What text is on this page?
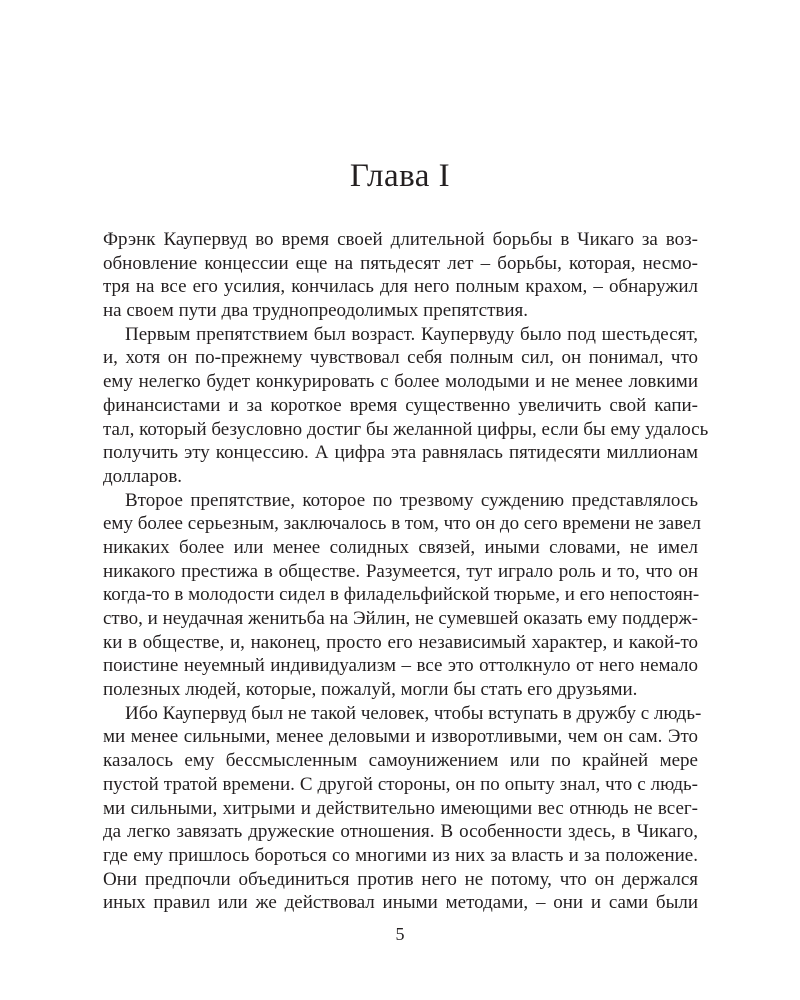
Глава I
Фрэнк Каупервуд во время своей длительной борьбы в Чикаго за воз-
обновление концессии еще на пятьдесят лет – борьбы, которая, несмо-
тря на все его усилия, кончилась для него полным крахом, – обнаружил
на своем пути два труднопреодолимых препятствия.
Первым препятствием был возраст. Каупервуду было под шестьдесят,
и, хотя он по-прежнему чувствовал себя полным сил, он понимал, что
ему нелегко будет конкурировать с более молодыми и не менее ловкими
финансистами и за короткое время существенно увеличить свой капи-
тал, который безусловно достиг бы желанной цифры, если бы ему удалось
получить эту концессию. А цифра эта равнялась пятидесяти миллионам
долларов.
Второе препятствие, которое по трезвому суждению представлялось
ему более серьезным, заключалось в том, что он до сего времени не завел
никаких более или менее солидных связей, иными словами, не имел
никакого престижа в обществе. Разумеется, тут играло роль и то, что он
когда-то в молодости сидел в филадельфийской тюрьме, и его непостоян-
ство, и неудачная женитьба на Эйлин, не сумевшей оказать ему поддерж-
ки в обществе, и, наконец, просто его независимый характер, и какой-то
поистине неуемный индивидуализм – все это оттолкнуло от него немало
полезных людей, которые, пожалуй, могли бы стать его друзьями.
Ибо Каупервуд был не такой человек, чтобы вступать в дружбу с людь-
ми менее сильными, менее деловыми и изворотливыми, чем он сам. Это
казалось ему бессмысленным самоунижением или по крайней мере
пустой тратой времени. С другой стороны, он по опыту знал, что с людь-
ми сильными, хитрыми и действительно имеющими вес отнюдь не всег-
да легко завязать дружеские отношения. В особенности здесь, в Чикаго,
где ему пришлось бороться со многими из них за власть и за положение.
Они предпочли объединиться против него не потому, что он держался
иных правил или же действовал иными методами, – они и сами были
5
